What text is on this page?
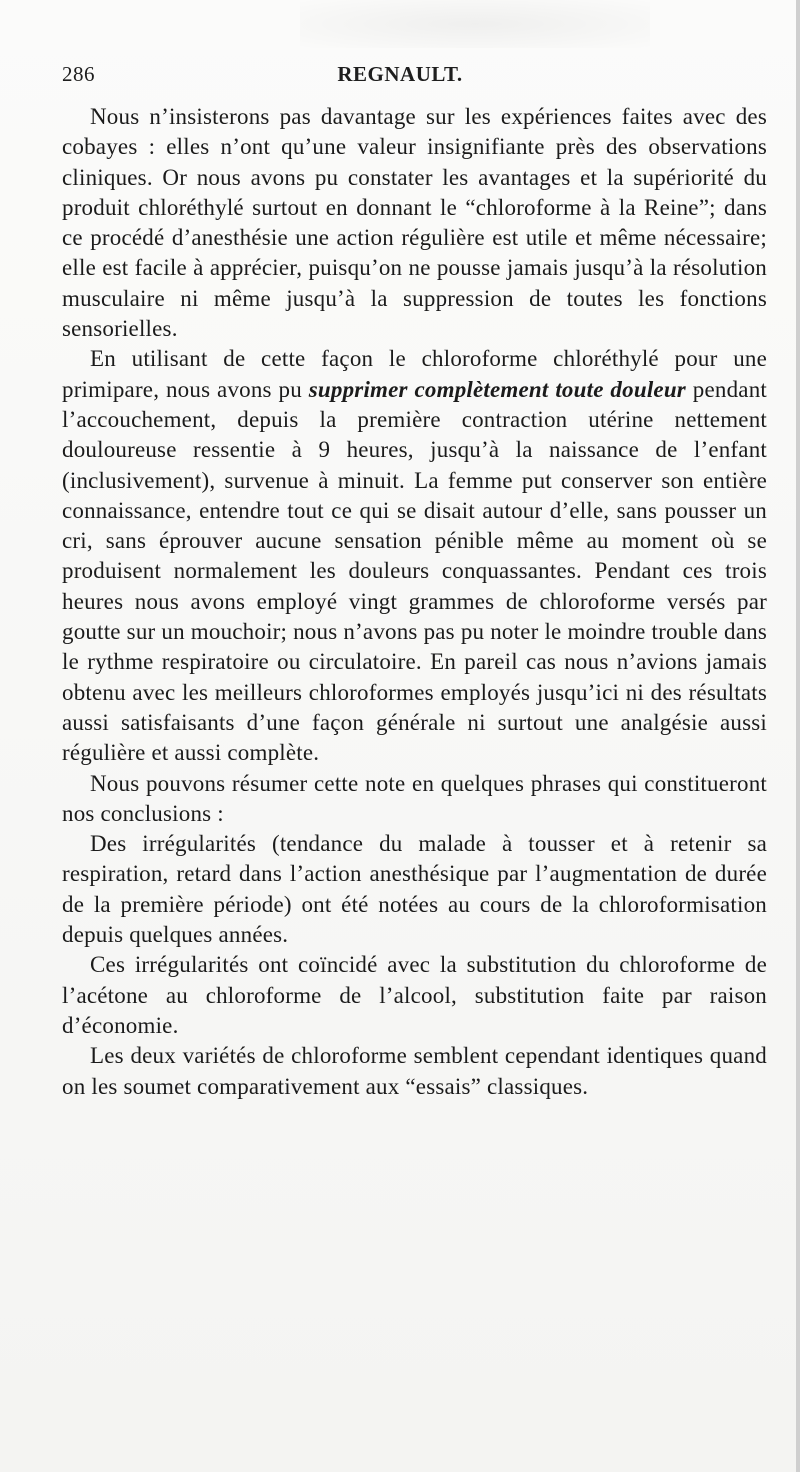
286	REGNAULT.

Nous n’insisterons pas davantage sur les expériences faites avec des cobayes : elles n’ont qu’une valeur insignifiante près des observations cliniques. Or nous avons pu constater les avantages et la supériorité du produit chloréthylé surtout en donnant le “chloroforme à la Reine”; dans ce procédé d’anesthésie une action régulière est utile et même nécessaire; elle est facile à apprécier, puisqu’on ne pousse jamais jusqu’à la résolution musculaire ni même jusqu’à la suppression de toutes les fonctions sensorielles.

En utilisant de cette façon le chloroforme chloréthylé pour une primipare, nous avons pu supprimer complètement toute douleur pendant l’accouchement, depuis la première contraction utérine nettement douloureuse ressentie à 9 heures, jusqu’à la naissance de l’enfant (inclusivement), survenue à minuit. La femme put conserver son entière connaissance, entendre tout ce qui se disait autour d’elle, sans pousser un cri, sans éprouver aucune sensation pénible même au moment où se produisent normalement les douleurs conquassantes. Pendant ces trois heures nous avons employé vingt grammes de chloroforme versés par goutte sur un mouchoir; nous n’avons pas pu noter le moindre trouble dans le rythme respiratoire ou circulatoire. En pareil cas nous n’avions jamais obtenu avec les meilleurs chloroformes employés jusqu’ici ni des résultats aussi satisfaisants d’une façon générale ni surtout une analgésie aussi régulière et aussi complète.

Nous pouvons résumer cette note en quelques phrases qui constitueront nos conclusions :

Des irrégularités (tendance du malade à tousser et à retenir sa respiration, retard dans l’action anesthésique par l’augmentation de durée de la première période) ont été notées au cours de la chloroformisation depuis quelques années.

Ces irrégularités ont coïncidé avec la substitution du chloroforme de l’acétone au chloroforme de l’alcool, substitution faite par raison d’économie.

Les deux variétés de chloroforme semblent cependant identiques quand on les soumet comparativement aux “essais” classiques.
